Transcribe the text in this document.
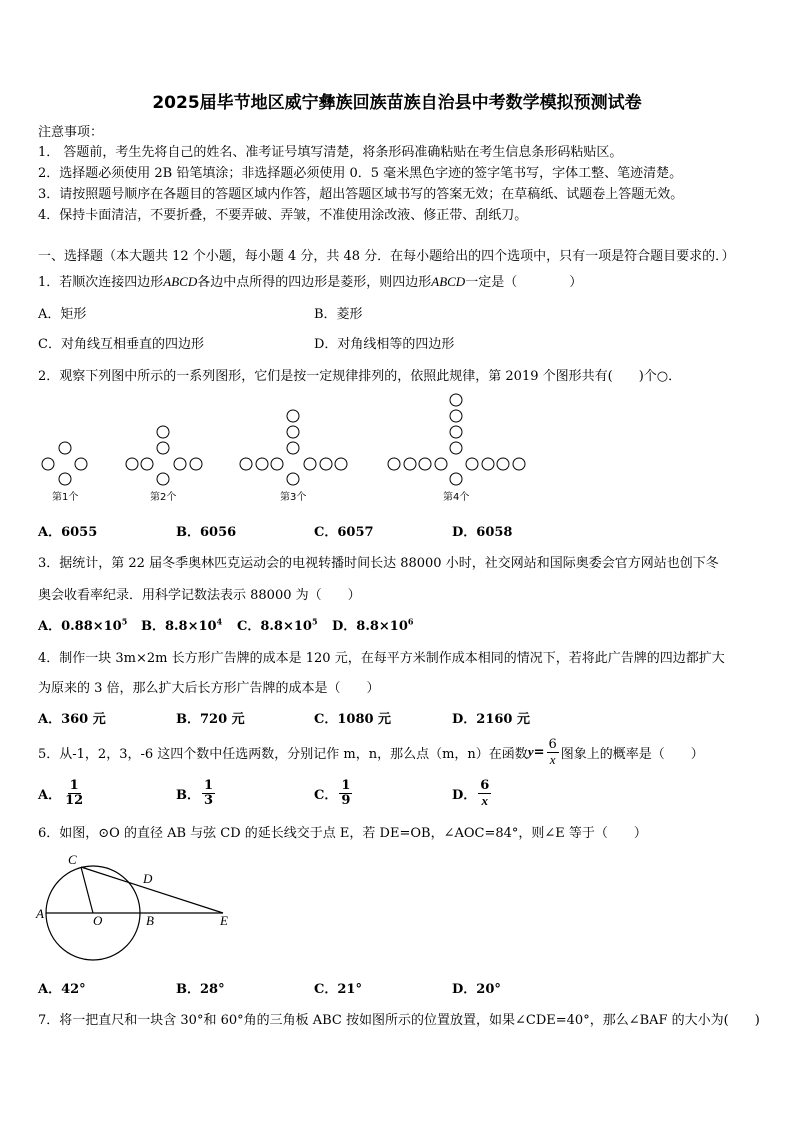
2025届毕节地区威宁彝族回族苗族自治县中考数学模拟预测试卷
注意事项：
1． 答题前，考生先将自己的姓名、准考证号填写清楚，将条形码准确粘贴在考生信息条形码粘贴区。
2．选择题必须使用 2B 铅笔填涂；非选择题必须使用 0．5 毫米黑色字迹的签字笔书写，字体工整、笔迹清楚。
3．请按照题号顺序在各题目的答题区域内作答，超出答题区域书写的答案无效；在草稿纸、试题卷上答题无效。
4．保持卡面清洁，不要折叠，不要弄破、弄皱，不准使用涂改液、修正带、刮纸刀。
一、选择题（本大题共 12 个小题，每小题 4 分，共 48 分．在每小题给出的四个选项中，只有一项是符合题目要求的．）
1．若顺次连接四边形ABCD各边中点所得的四边形是菱形，则四边形ABCD一定是（　　　　）
A．矩形	B．菱形
C．对角线互相垂直的四边形	D．对角线相等的四边形
2．观察下列图中所示的一系列图形，它们是按一定规律排列的，依照此规律，第 2019 个图形共有(　　)个○．
第1个	第2个	第3个	第4个
A．6055	B．6056	C．6057	D．6058
3．据统计，第 22 届冬季奥林匹克运动会的电视转播时间长达 88000 小时，社交网站和国际奥委会官方网站也创下冬
奥会收看率纪录．用科学记数法表示 88000 为（　　）
A．$0.88\times 10^5$ B．$8.8\times 10^4$ C．$8.8\times 10^5$ D．$8.8\times 10^6$
4．制作一块 3m×2m 长方形广告牌的成本是 120 元，在每平方米制作成本相同的情况下，若将此广告牌的四边都扩大
为原来的 3 倍，那么扩大后长方形广告牌的成本是（　　）
A．360 元	B．720 元	C．1080 元	D．2160 元
5．从-1，2，3，-6 这四个数中任选两数，分别记作 m，n，那么点（m，n）在函数 $y = \frac{6}{x}$ 图象上的概率是（　　）
A． $\frac{1}{12}$	B． $\frac{1}{3}$	C． $\frac{1}{9}$	D． $\frac{6}{x}$
6．如图，⊙O 的直径 AB 与弦 CD 的延长线交于点 E，若 DE=OB，∠AOC=84°，则∠E 等于（　　）
C
D
A	O	B	E
A．42°	B．28°	C．21°	D．20°
7．将一把直尺和一块含 30°和 60°角的三角板 ABC 按如图所示的位置放置，如果∠CDE=40°，那么∠BAF 的大小为(　　)
